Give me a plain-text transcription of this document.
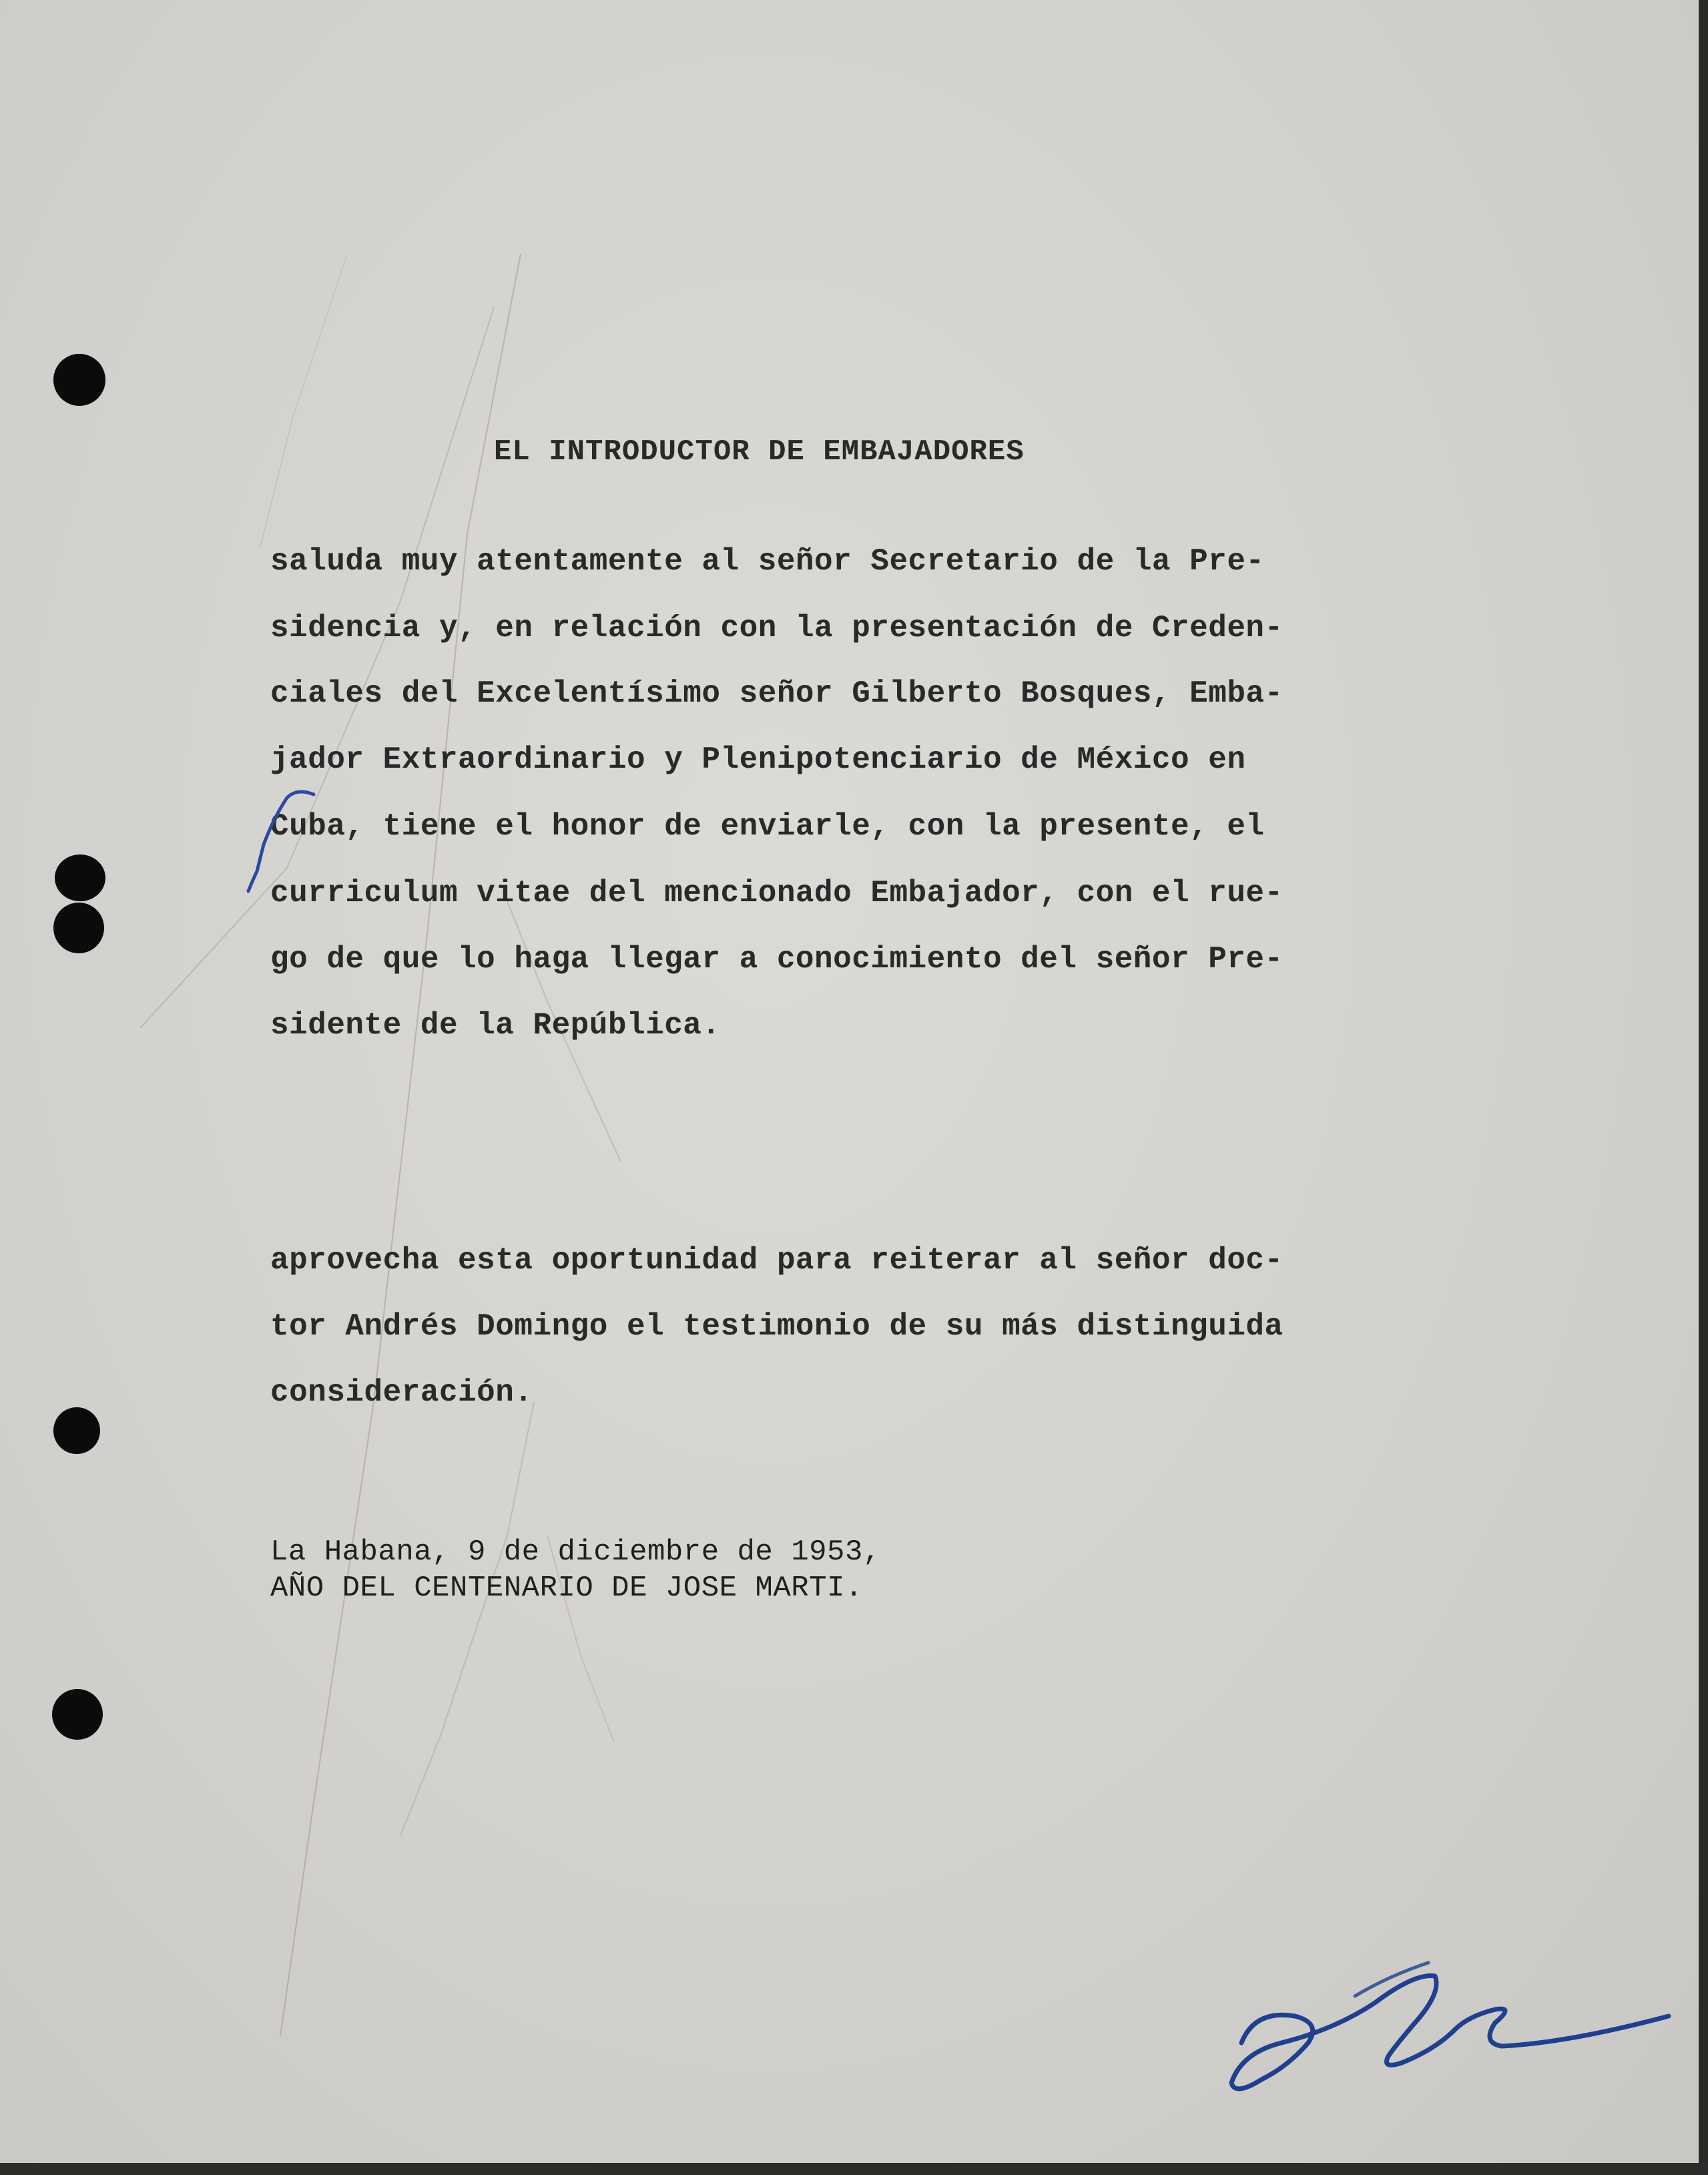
EL INTRODUCTOR DE EMBAJADORES

saluda muy atentamente al señor Secretario de la Pre-

sidencia y, en relación con la presentación de Creden-

ciales del Excelentísimo señor Gilberto Bosques, Emba-

jador Extraordinario y Plenipotenciario de México en

Cuba, tiene el honor de enviarle, con la presente, el

curriculum vitae del mencionado Embajador, con el rue-

go de que lo haga llegar a conocimiento del señor Pre-

sidente de la República.

aprovecha esta oportunidad para reiterar al señor doc-

tor Andrés Domingo el testimonio de su más distinguida

consideración.

La Habana, 9 de diciembre de 1953,

AÑO DEL CENTENARIO DE JOSE MARTI.
